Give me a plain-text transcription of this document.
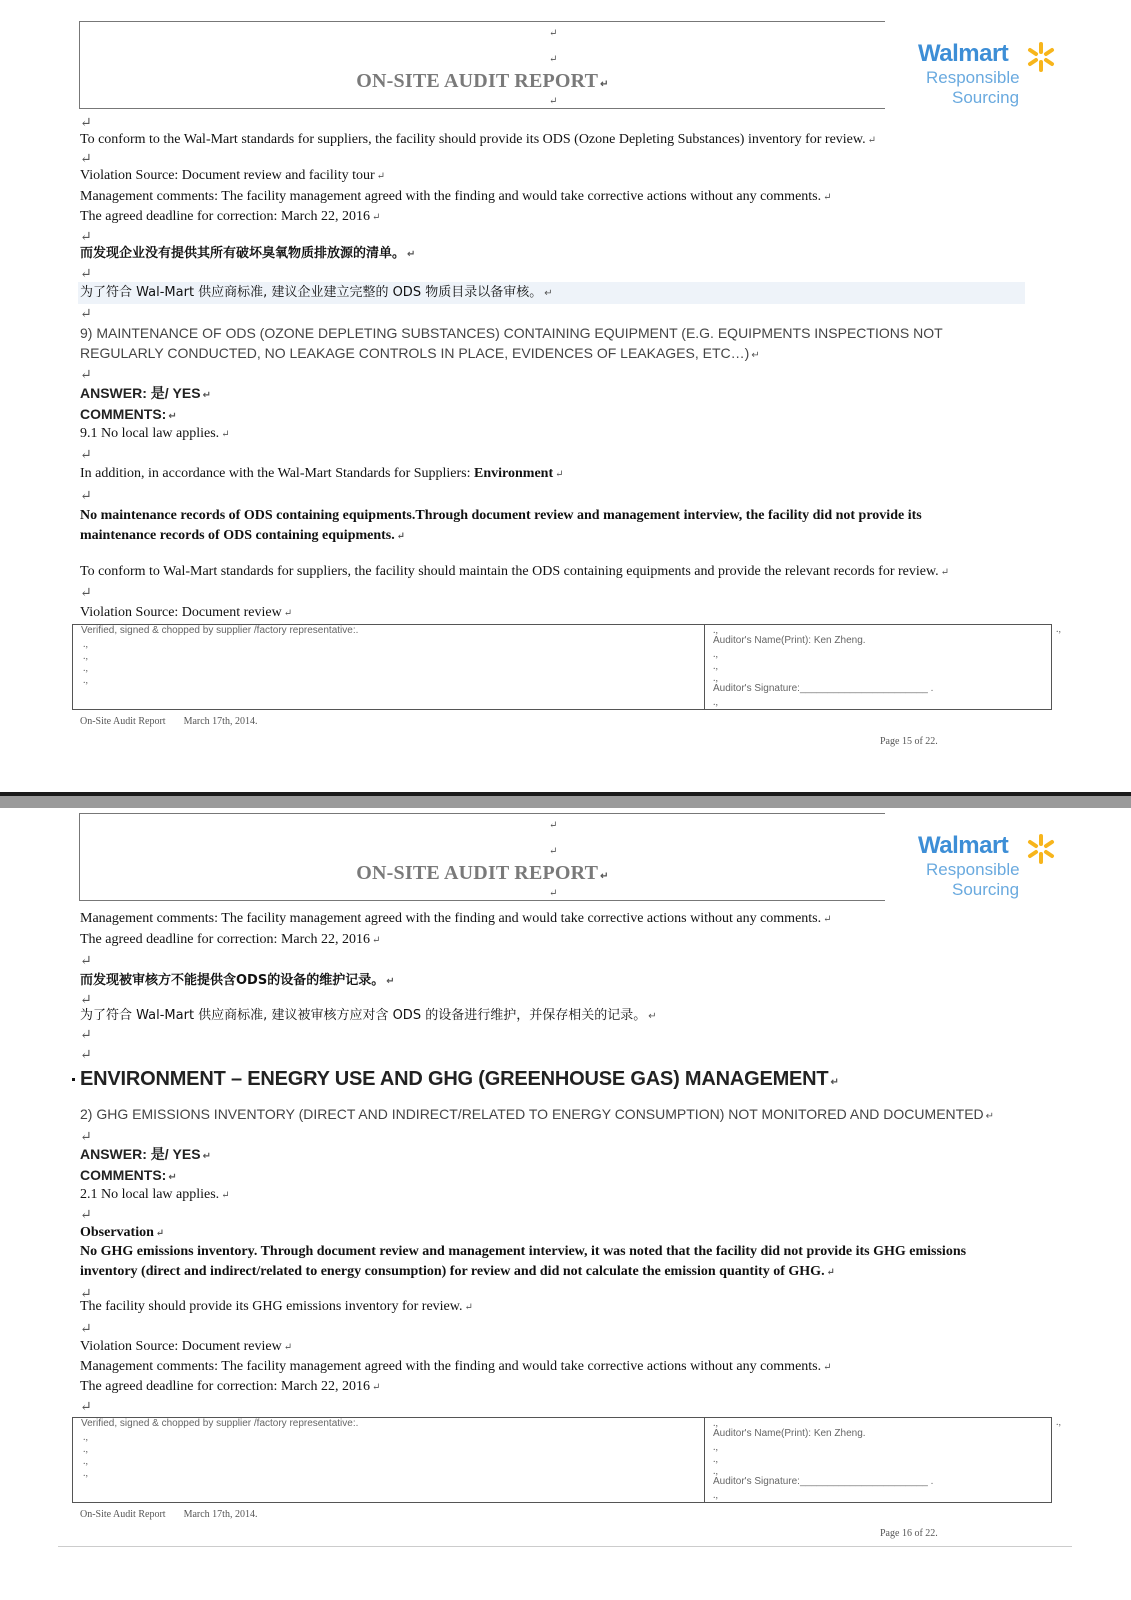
↵
↵
ON-SITE AUDIT REPORT ↵
↵
Walmart
Responsible
Sourcing
↵
To conform to the Wal-Mart standards for suppliers, the facility should provide its ODS (Ozone Depleting Substances) inventory for review. ↵
↵
Violation Source: Document review and facility tour ↵
Management comments: The facility management agreed with the finding and would take corrective actions without any comments. ↵
The agreed deadline for correction: March 22, 2016 ↵
↵
而发现企业没有提供其所有破坏臭氧物质排放源的清单。 ↵
↵
为了符合 Wal-Mart 供应商标准, 建议企业建立完整的 ODS 物质目录以备审核。 ↵
↵
9) MAINTENANCE OF ODS (OZONE DEPLETING SUBSTANCES) CONTAINING EQUIPMENT (E.G. EQUIPMENTS INSPECTIONS NOT REGULARLY CONDUCTED, NO LEAKAGE CONTROLS IN PLACE, EVIDENCES OF LEAKAGES, ETC…) ↵
↵
ANSWER: 是/ YES ↵
COMMENTS: ↵
9.1 No local law applies. ↵
↵
In addition, in accordance with the Wal-Mart Standards for Suppliers: Environment ↵
↵
No maintenance records of ODS containing equipments.Through document review and management interview, the facility did not provide its maintenance records of ODS containing equipments. ↵
To conform to Wal-Mart standards for suppliers, the facility should maintain the ODS containing equipments and provide the relevant records for review. ↵
↵
Violation Source: Document review ↵
Verified, signed & chopped by supplier /factory representative:.
.,
.,
.,
.,
.,
Auditor's Name(Print): Ken Zheng.
.,
.,
.,
Auditor's Signature:_______________________ .
.,
.,
On-Site Audit Report March 17th, 2014.
Page 15 of 22.
↵
↵
ON-SITE AUDIT REPORT ↵
↵
Walmart
Responsible
Sourcing
Management comments: The facility management agreed with the finding and would take corrective actions without any comments. ↵
The agreed deadline for correction: March 22, 2016 ↵
↵
而发现被审核方不能提供含ODS的设备的维护记录。 ↵
↵
为了符合 Wal-Mart 供应商标准, 建议被审核方应对含 ODS 的设备进行维护，并保存相关的记录。 ↵
↵
↵
ENVIRONMENT – ENEGRY USE AND GHG (GREENHOUSE GAS) MANAGEMENT ↵
2) GHG EMISSIONS INVENTORY (DIRECT AND INDIRECT/RELATED TO ENERGY CONSUMPTION) NOT MONITORED AND DOCUMENTED ↵
↵
ANSWER: 是/ YES ↵
COMMENTS: ↵
2.1 No local law applies. ↵
↵
Observation ↵
No GHG emissions inventory. Through document review and management interview, it was noted that the facility did not provide its GHG emissions inventory (direct and indirect/related to energy consumption) for review and did not calculate the emission quantity of GHG. ↵
↵
The facility should provide its GHG emissions inventory for review. ↵
↵
Violation Source: Document review ↵
Management comments: The facility management agreed with the finding and would take corrective actions without any comments. ↵
The agreed deadline for correction: March 22, 2016 ↵
↵
Verified, signed & chopped by supplier /factory representative:.
.,
.,
.,
.,
.,
Auditor's Name(Print): Ken Zheng.
.,
.,
.,
Auditor's Signature:_______________________ .
.,
.,
On-Site Audit Report March 17th, 2014.
Page 16 of 22.
